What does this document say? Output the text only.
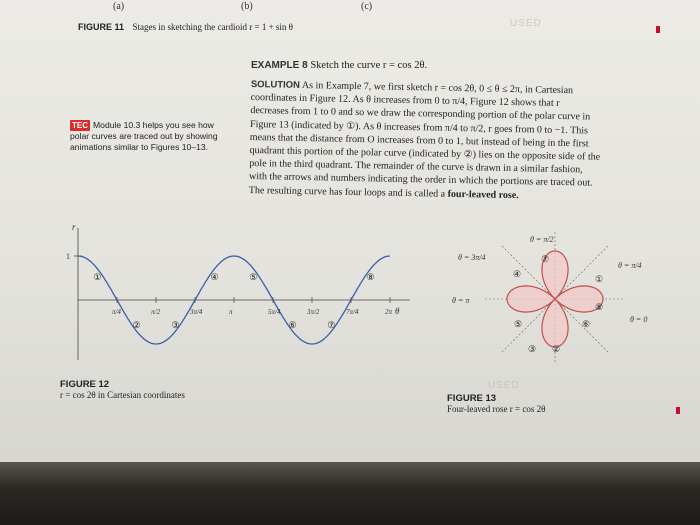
(a)	(b)	(c)
FIGURE 11 Stages in sketching the cardioid r = 1 + sin θ	USED
EXAMPLE 8 Sketch the curve r = cos 2θ.
SOLUTION As in Example 7, we first sketch r = cos 2θ, 0 ≤ θ ≤ 2π, in Cartesian
coordinates in Figure 12. As θ increases from 0 to π/4, Figure 12 shows that r
decreases from 1 to 0 and so we draw the corresponding portion of the polar curve in
Figure 13 (indicated by ①). As θ increases from π/4 to π/2, r goes from 0 to −1. This
means that the distance from O increases from 0 to 1, but instead of being in the first
quadrant this portion of the polar curve (indicated by ②) lies on the opposite side of the
pole in the third quadrant. The remainder of the curve is drawn in a similar fashion,
with the arrows and numbers indicating the order in which the portions are traced out.
The resulting curve has four loops and is called a four-leaved rose.
TEC Module 10.3 helps you see how polar curves are traced out by showing animations similar to Figures 10–13.
r
1
θ
π/4	π/2	3π/4	π	5π/4	3π/2	7π/4	2π
①
②	③
④	⑤
⑥	⑦
⑧
FIGURE 12
r = cos 2θ in Cartesian coordinates
θ = π/2
θ = 3π/4
θ = π/4
θ = π
θ = 0
①
②
③
④
⑤	⑥
⑦
⑧
USED
FIGURE 13
Four-leaved rose r = cos 2θ
